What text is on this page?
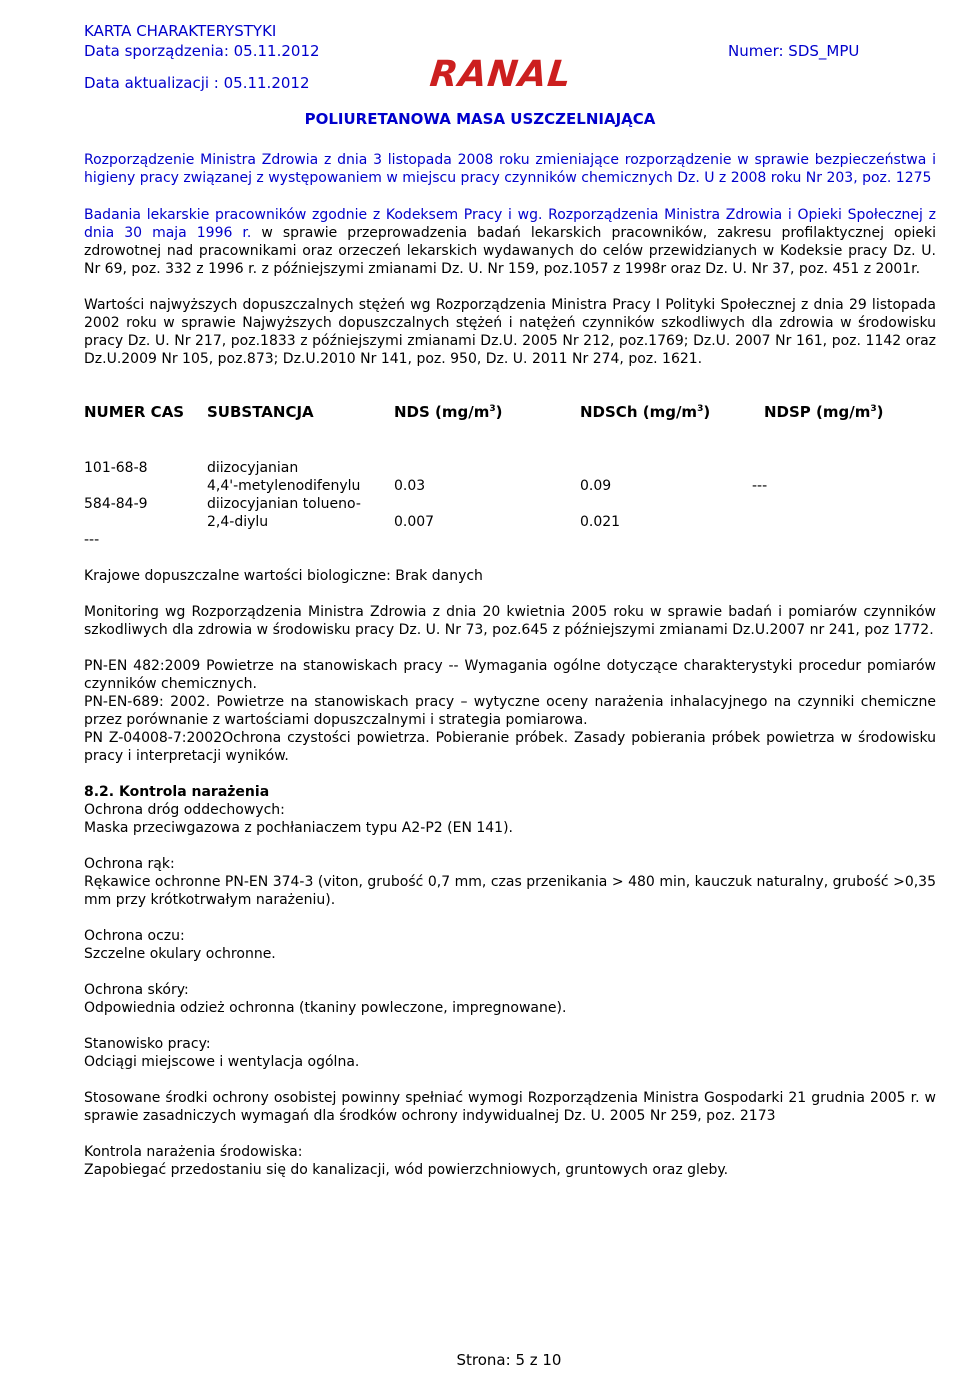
KARTA CHARAKTERYSTYKI
Data sporządzenia: 05.11.2012	Numer: SDS_MPU
Data aktualizacji : 05.11.2012	RANAL
POLIURETANOWA MASA USZCZELNIAJĄCA
Rozporządzenie Ministra Zdrowia z dnia 3 listopada 2008 roku zmieniające rozporządzenie w sprawie bezpieczeństwa i higieny pracy związanej z występowaniem w miejscu pracy czynników chemicznych Dz. U z 2008 roku Nr 203, poz. 1275
Badania lekarskie pracowników zgodnie z Kodeksem Pracy i wg. Rozporządzenia Ministra Zdrowia i Opieki Społecznej z dnia 30 maja 1996 r. w sprawie przeprowadzenia badań lekarskich pracowników, zakresu profilaktycznej opieki zdrowotnej nad pracownikami oraz orzeczeń lekarskich wydawanych do celów przewidzianych w Kodeksie pracy Dz. U. Nr 69, poz. 332 z 1996 r. z późniejszymi zmianami Dz. U. Nr 159, poz.1057 z 1998r oraz Dz. U. Nr 37, poz. 451 z 2001r.
Wartości najwyższych dopuszczalnych stężeń wg Rozporządzenia Ministra Pracy I Polityki Społecznej z dnia 29 listopada 2002 roku w sprawie Najwyższych dopuszczalnych stężeń i natężeń czynników szkodliwych dla zdrowia w środowisku pracy Dz. U. Nr 217, poz.1833 z późniejszymi zmianami Dz.U. 2005 Nr 212, poz.1769; Dz.U. 2007 Nr 161, poz. 1142 oraz Dz.U.2009 Nr 105, poz.873; Dz.U.2010 Nr 141, poz. 950, Dz. U. 2011 Nr 274, poz. 1621.
NUMER CAS SUBSTANCJA	NDS $(mg/m^3)$	NDSCh $(mg/m^3)$	NDSP $(mg/m^3)$
101-68-8	diizocyjanian
4,4'-metylenodifenylu 0.03	0.09	---
584-84-9	diizocyjanian tolueno-
2,4-diylu	0.007	0.021
---
Krajowe dopuszczalne wartości biologiczne: Brak danych
Monitoring wg Rozporządzenia Ministra Zdrowia z dnia 20 kwietnia 2005 roku w sprawie badań i pomiarów czynników szkodliwych dla zdrowia w środowisku pracy Dz. U. Nr 73, poz.645 z późniejszymi zmianami Dz.U.2007 nr 241, poz 1772.
PN-EN 482:2009 Powietrze na stanowiskach pracy -- Wymagania ogólne dotyczące charakterystyki procedur pomiarów czynników chemicznych.
PN-EN-689: 2002. Powietrze na stanowiskach pracy – wytyczne oceny narażenia inhalacyjnego na czynniki chemiczne przez porównanie z wartościami dopuszczalnymi i strategia pomiarowa.
PN Z-04008-7:2002Ochrona czystości powietrza. Pobieranie próbek. Zasady pobierania próbek powietrza w środowisku pracy i interpretacji wyników.
8.2. Kontrola narażenia
Ochrona dróg oddechowych:
Maska przeciwgazowa z pochłaniaczem typu A2-P2 (EN 141).
Ochrona rąk:
Rękawice ochronne PN-EN 374-3 (viton, grubość 0,7 mm, czas przenikania > 480 min, kauczuk naturalny, grubość >0,35 mm przy krótkotrwałym narażeniu).
Ochrona oczu:
Szczelne okulary ochronne.
Ochrona skóry:
Odpowiednia odzież ochronna (tkaniny powleczone, impregnowane).
Stanowisko pracy:
Odciągi miejscowe i wentylacja ogólna.
Stosowane środki ochrony osobistej powinny spełniać wymogi Rozporządzenia Ministra Gospodarki 21 grudnia 2005 r. w sprawie zasadniczych wymagań dla środków ochrony indywidualnej Dz. U. 2005 Nr 259, poz. 2173
Kontrola narażenia środowiska:
Zapobiegać przedostaniu się do kanalizacji, wód powierzchniowych, gruntowych oraz gleby.
Strona: 5 z 10
